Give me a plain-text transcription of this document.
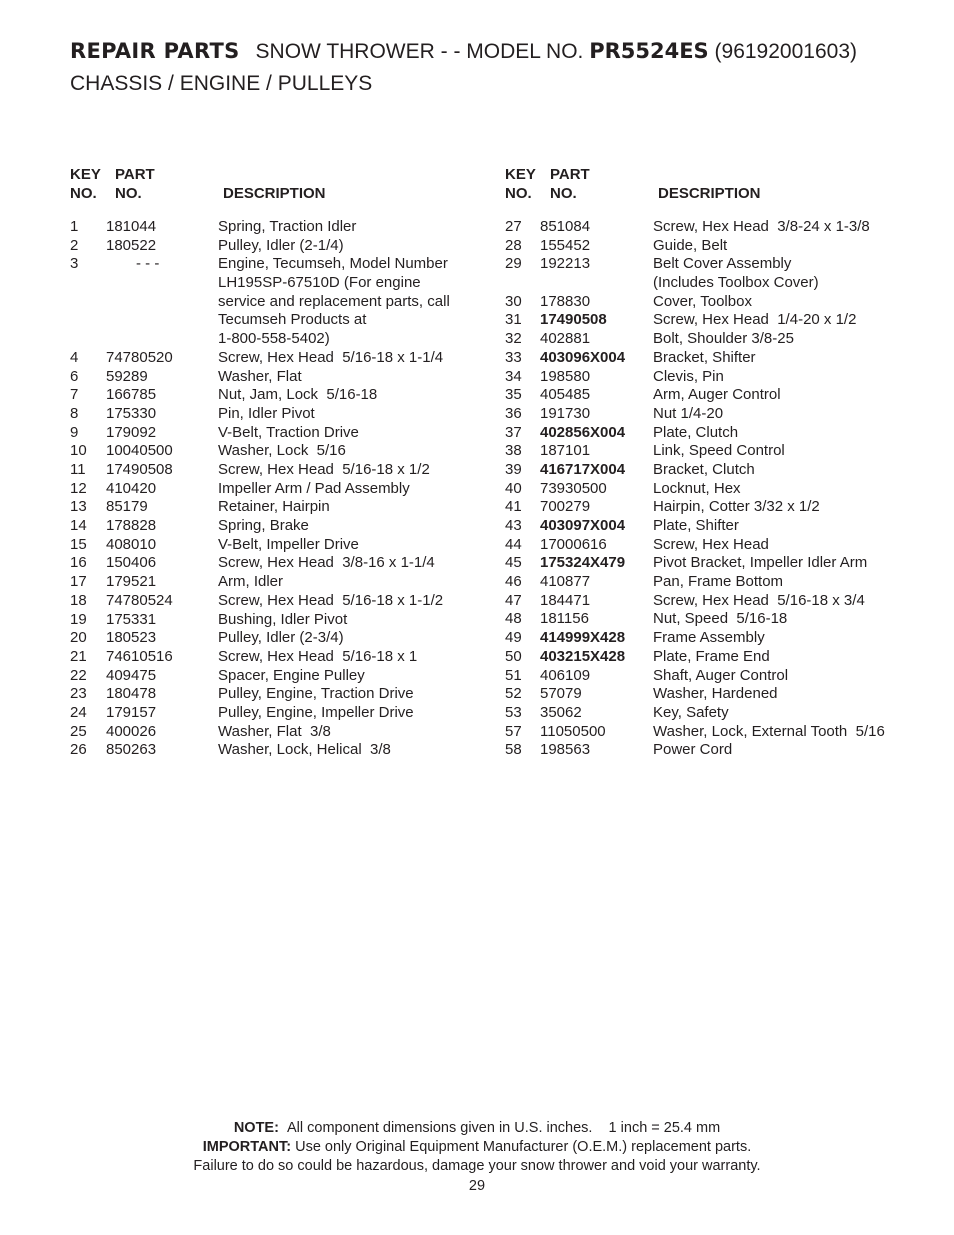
REPAIR PARTS SNOW THROWER - - MODEL NO. PR5524ES (96192001603)
CHASSIS / ENGINE / PULLEYS
KEY
NO.
PART
NO.	DESCRIPTION
KEY
NO.
PART
NO.	DESCRIPTION
1 181044	Spring, Traction Idler
2 180522	Pulley, Idler (2-1/4)
3	- - -	Engine, Tecumseh, Model Number
LH195SP-67510D (For engine
service and replacement parts, call
Tecumseh Products at
1-800-558-5402)
4 74780520	Screw, Hex Head  5/16-18 x 1-1/4
6 59289	Washer, Flat
7 166785	Nut, Jam, Lock  5/16-18
8 175330	Pin, Idler Pivot
9 179092	V-Belt, Traction Drive
10 10040500	Washer, Lock  5/16
11 17490508	Screw, Hex Head  5/16-18 x 1/2
12 410420	Impeller Arm / Pad Assembly
13 85179	Retainer, Hairpin
14 178828	Spring, Brake
15 408010	V-Belt, Impeller Drive
16 150406	Screw, Hex Head  3/8-16 x 1-1/4
17 179521	Arm, Idler
18 74780524	Screw, Hex Head  5/16-18 x 1-1/2
19 175331	Bushing, Idler Pivot
20 180523	Pulley, Idler (2-3/4)
21 74610516	Screw, Hex Head  5/16-18 x 1
22 409475	Spacer, Engine Pulley
23 180478	Pulley, Engine, Traction Drive
24 179157	Pulley, Engine, Impeller Drive
25 400026	Washer, Flat  3/8
26 850263	Washer, Lock, Helical  3/8
27 851084	Screw, Hex Head  3/8-24 x 1-3/8
28 155452	Guide, Belt
29 192213	Belt Cover Assembly
(Includes Toolbox Cover)
30 178830	Cover, Toolbox
31 17490508	Screw, Hex Head  1/4-20 x 1/2
32 402881	Bolt, Shoulder 3/8-25
33 403096X004 Bracket, Shifter
34 198580	Clevis, Pin
35 405485	Arm, Auger Control
36 191730	Nut 1/4-20
37 402856X004 Plate, Clutch
38 187101	Link, Speed Control
39 416717X004 Bracket, Clutch
40 73930500	Locknut, Hex
41 700279	Hairpin, Cotter 3/32 x 1/2
43 403097X004 Plate, Shifter
44 17000616	Screw, Hex Head
45 175324X479 Pivot Bracket, Impeller Idler Arm
46 410877	Pan, Frame Bottom
47 184471	Screw, Hex Head  5/16-18 x 3/4
48 181156	Nut, Speed  5/16-18
49 414999X428 Frame Assembly
50 403215X428 Plate, Frame End
51 406109	Shaft, Auger Control
52 57079	Washer, Hardened
53 35062	Key, Safety
57 11050500	Washer, Lock, External Tooth  5/16
58 198563	Power Cord
NOTE: All component dimensions given in U.S. inches.    1 inch = 25.4 mm
IMPORTANT: Use only Original Equipment Manufacturer (O.E.M.) replacement parts.
Failure to do so could be hazardous, damage your snow thrower and void your warranty.
29
